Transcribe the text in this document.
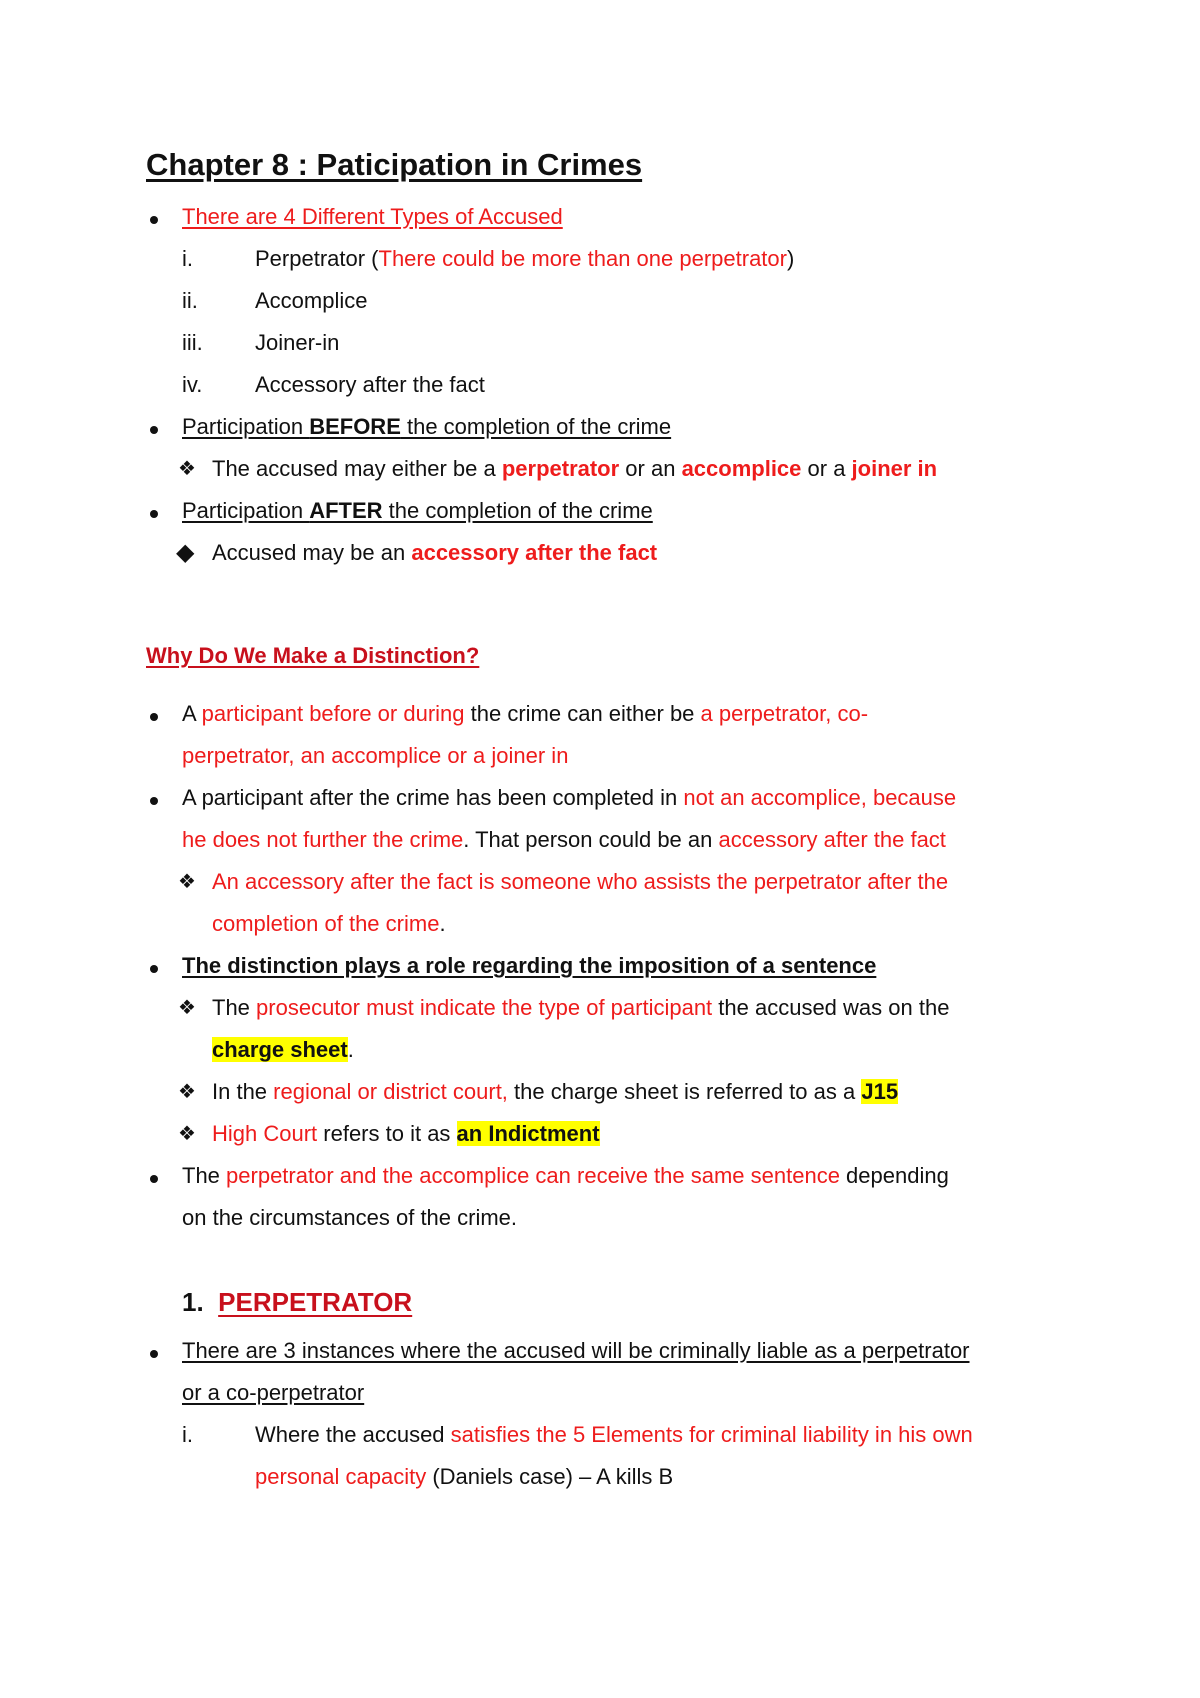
Chapter 8 : Paticipation in Crimes
There are 4 Different Types of Accused
i.	Perpetrator (There could be more than one perpetrator)
ii.	Accomplice
iii. Joiner-in
iv. Accessory after the fact
Participation BEFORE the completion of the crime
❖ The accused may either be a perpetrator or an accomplice or a joiner in
Participation AFTER the completion of the crime
◆ Accused may be an accessory after the fact
Why Do We Make a Distinction?
A participant before or during the crime can either be a perpetrator, co-
perpetrator, an accomplice or a joiner in
A participant after the crime has been completed in not an accomplice, because
he does not further the crime. That person could be an accessory after the fact
❖ An accessory after the fact is someone who assists the perpetrator after the
completion of the crime.
The distinction plays a role regarding the imposition of a sentence
❖ The prosecutor must indicate the type of participant the accused was on the
charge sheet.
❖ In the regional or district court, the charge sheet is referred to as a J15
❖ High Court refers to it as an Indictment
The perpetrator and the accomplice can receive the same sentence depending
on the circumstances of the crime.
1. PERPETRATOR
There are 3 instances where the accused will be criminally liable as a perpetrator
or a co-perpetrator
i.	Where the accused satisfies the 5 Elements for criminal liability in his own
personal capacity (Daniels case) – A kills B
